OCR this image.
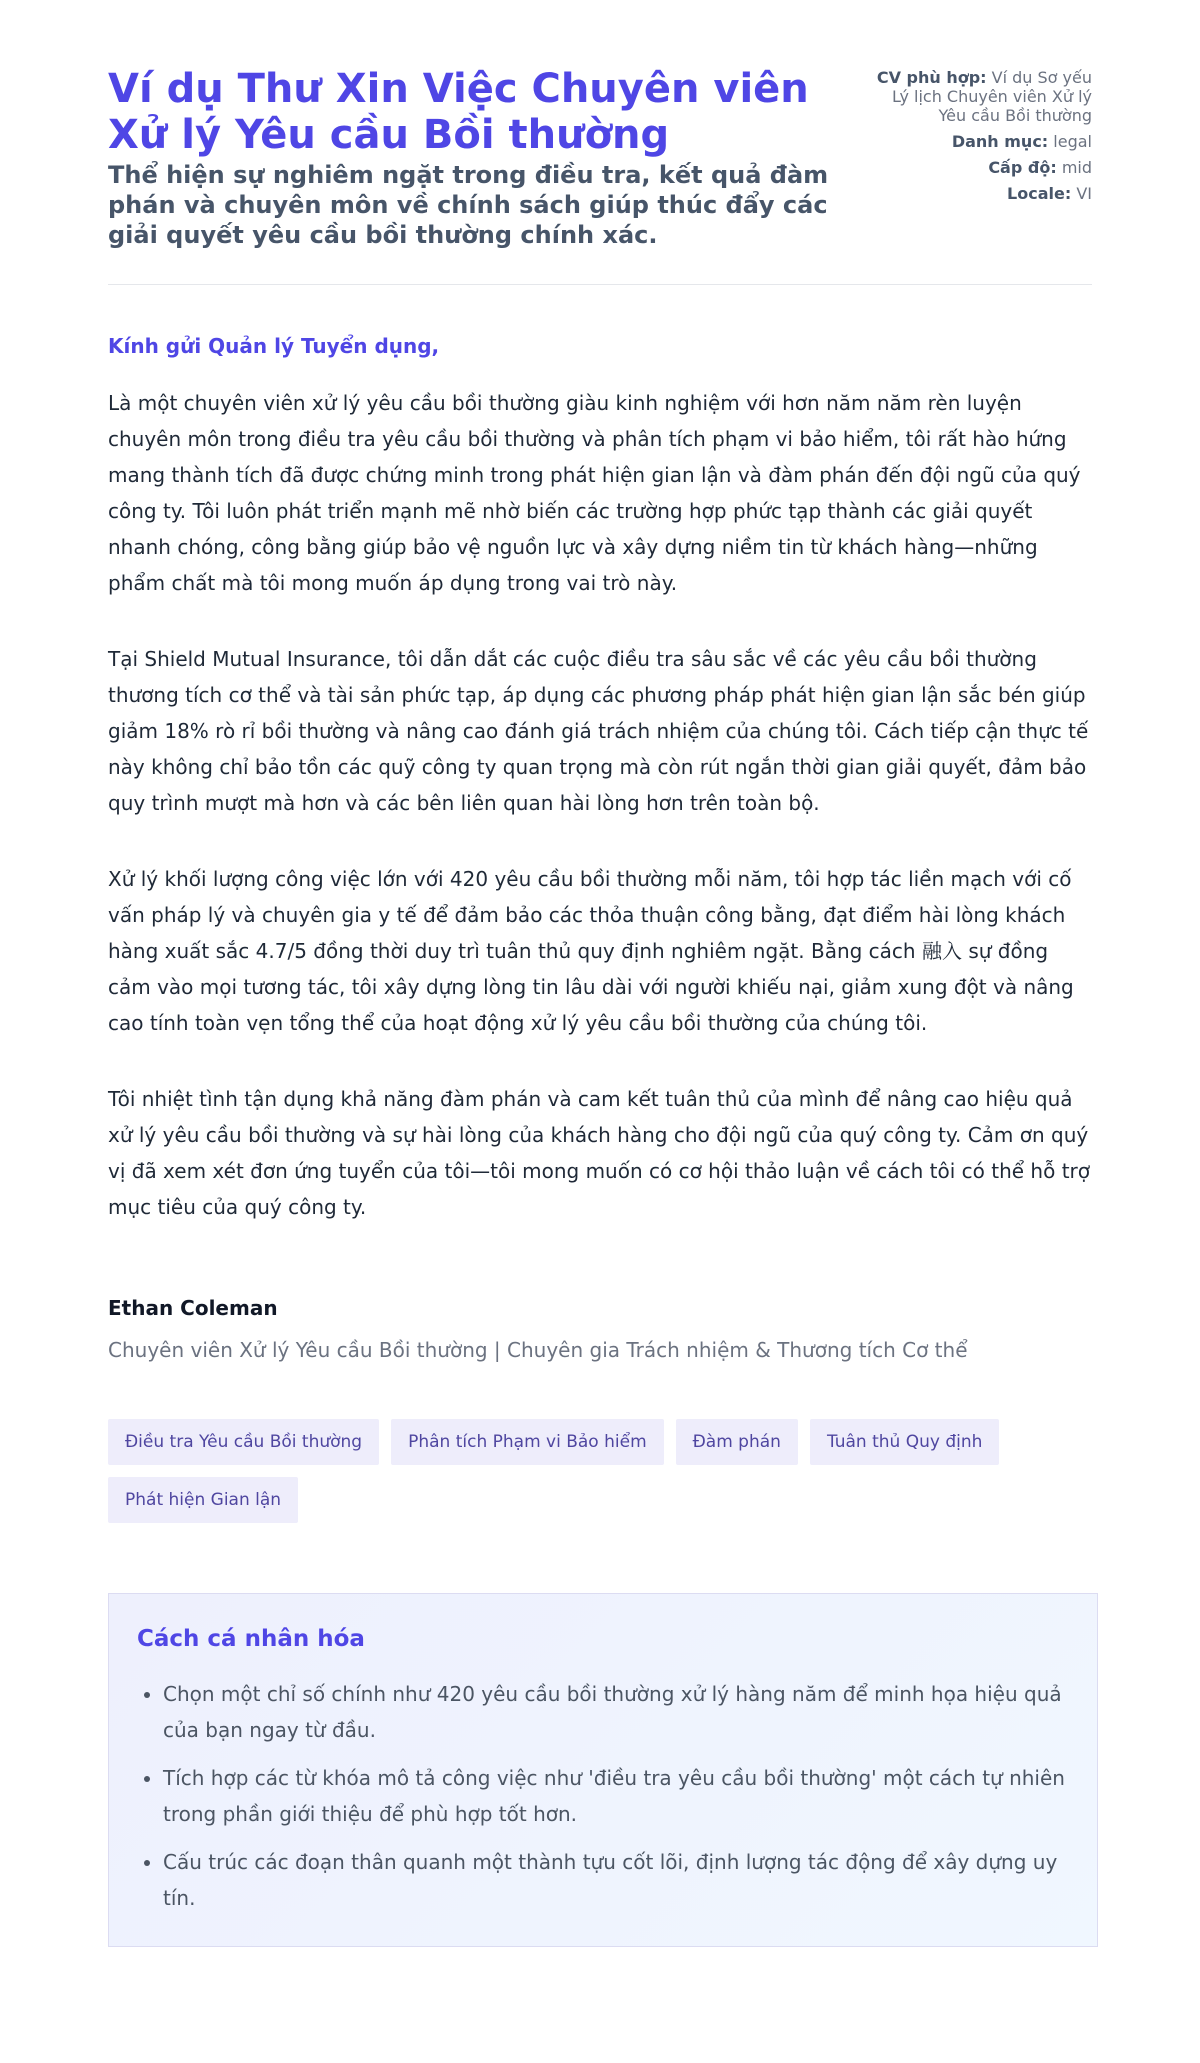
Ví dụ Thư Xin Việc Chuyên viên Xử lý Yêu cầu Bồi thường

Thể hiện sự nghiêm ngặt trong điều tra, kết quả đàm phán và chuyên môn về chính sách giúp thúc đẩy các giải quyết yêu cầu bồi thường chính xác.

CV phù hợp: Ví dụ Sơ yếu Lý lịch Chuyên viên Xử lý Yêu cầu Bồi thường
Danh mục: legal
Cấp độ: mid
Locale: VI

Kính gửi Quản lý Tuyển dụng,

Là một chuyên viên xử lý yêu cầu bồi thường giàu kinh nghiệm với hơn năm năm rèn luyện chuyên môn trong điều tra yêu cầu bồi thường và phân tích phạm vi bảo hiểm, tôi rất hào hứng mang thành tích đã được chứng minh trong phát hiện gian lận và đàm phán đến đội ngũ của quý công ty. Tôi luôn phát triển mạnh mẽ nhờ biến các trường hợp phức tạp thành các giải quyết nhanh chóng, công bằng giúp bảo vệ nguồn lực và xây dựng niềm tin từ khách hàng—những phẩm chất mà tôi mong muốn áp dụng trong vai trò này.

Tại Shield Mutual Insurance, tôi dẫn dắt các cuộc điều tra sâu sắc về các yêu cầu bồi thường thương tích cơ thể và tài sản phức tạp, áp dụng các phương pháp phát hiện gian lận sắc bén giúp giảm 18% rò rỉ bồi thường và nâng cao đánh giá trách nhiệm của chúng tôi. Cách tiếp cận thực tế này không chỉ bảo tồn các quỹ công ty quan trọng mà còn rút ngắn thời gian giải quyết, đảm bảo quy trình mượt mà hơn và các bên liên quan hài lòng hơn trên toàn bộ.

Xử lý khối lượng công việc lớn với 420 yêu cầu bồi thường mỗi năm, tôi hợp tác liền mạch với cố vấn pháp lý và chuyên gia y tế để đảm bảo các thỏa thuận công bằng, đạt điểm hài lòng khách hàng xuất sắc 4.7/5 đồng thời duy trì tuân thủ quy định nghiêm ngặt. Bằng cách 融入 sự đồng cảm vào mọi tương tác, tôi xây dựng lòng tin lâu dài với người khiếu nại, giảm xung đột và nâng cao tính toàn vẹn tổng thể của hoạt động xử lý yêu cầu bồi thường của chúng tôi.

Tôi nhiệt tình tận dụng khả năng đàm phán và cam kết tuân thủ của mình để nâng cao hiệu quả xử lý yêu cầu bồi thường và sự hài lòng của khách hàng cho đội ngũ của quý công ty. Cảm ơn quý vị đã xem xét đơn ứng tuyển của tôi—tôi mong muốn có cơ hội thảo luận về cách tôi có thể hỗ trợ mục tiêu của quý công ty.

Ethan Coleman
Chuyên viên Xử lý Yêu cầu Bồi thường | Chuyên gia Trách nhiệm & Thương tích Cơ thể
Điều tra Yêu cầu Bồi thường	Phân tích Phạm vi Bảo hiểm	Đàm phán	Tuân thủ Quy định
Phát hiện Gian lận
Cách cá nhân hóa
• Chọn một chỉ số chính như 420 yêu cầu bồi thường xử lý hàng năm để minh họa hiệu quả của bạn ngay từ đầu.
• Tích hợp các từ khóa mô tả công việc như 'điều tra yêu cầu bồi thường' một cách tự nhiên trong phần giới thiệu để phù hợp tốt hơn.
• Cấu trúc các đoạn thân quanh một thành tựu cốt lõi, định lượng tác động để xây dựng uy tín.
